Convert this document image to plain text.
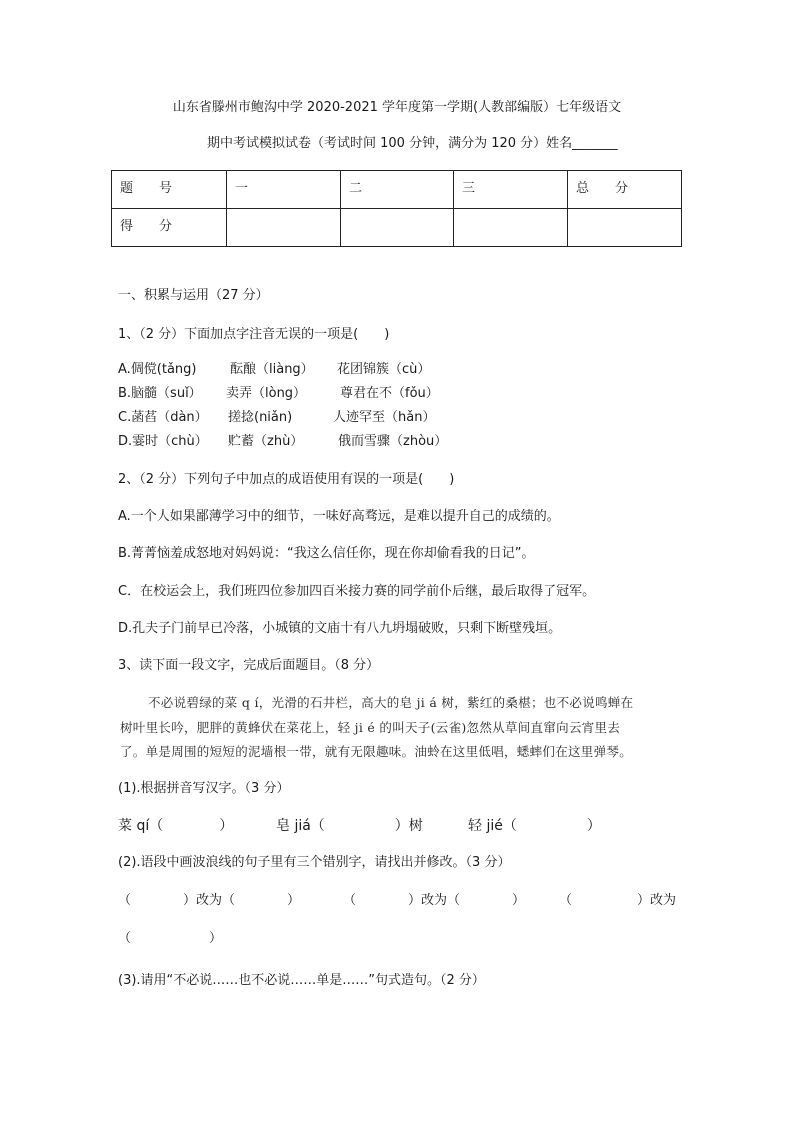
山东省滕州市鲍沟中学 2020-2021 学年度第一学期(人教部编版）七年级语文
期中考试模拟试卷（考试时间 100 分钟，满分为 120 分）姓名_______
题　　号	一	二	三	总　　分
得　　分				
一、积累与运用（27 分）
1、（2 分）下面加点字注音无误的一项是(　　)
A.倜傥(tǎng)	酝酿（liàng） 花团锦簇（cù）
B.脑髓（suǐ） 卖弄（lòng）	尊君在不（fǒu）
C.菡萏（dàn） 搓捻(niǎn)	人迹罕至（hǎn）
D.霎时（chù） 贮蓄（zhù）	俄而雪骤（zhòu）
2、（2 分）下列句子中加点的成语使用有误的一项是(　　)
A.一个人如果鄙薄学习中的细节，一味好高骛远，是难以提升自己的成绩的。
B.菁菁恼羞成怒地对妈妈说：“我这么信任你，现在你却偷看我的日记”。
C．在校运会上，我们班四位参加四百米接力赛的同学前仆后继，最后取得了冠军。
D.孔夫子门前早已冷落，小城镇的文庙十有八九坍塌破败，只剩下断壁残垣。
3、读下面一段文字，完成后面题目。（8 分）
不必说碧绿的菜 q í，光滑的石井栏，高大的皂 ji á 树，紫红的桑椹；也不必说鸣蝉在
树叶里长吟，肥胖的黄蜂伏在菜花上，轻 ji é 的叫天子(云雀)忽然从草间直窜向云宵里去
了。单是周围的短短的泥墙根一带，就有无限趣味。油蛉在这里低唱，蟋蟀们在这里弹琴。
(1).根据拼音写汉字。（3 分）
菜 qí（　　　　）	皂 jiá（　　　　　）树	轻 jié（　　　　　）
(2).语段中画波浪线的句子里有三个错别字，请找出并修改。（3 分）
（　　　　）改为（　　　　）	（　　　　）改为（　　　　）	（　　　　　）改为
（　　　　　　）
(3).请用“不必说……也不必说……单是……”句式造句。（2 分）
